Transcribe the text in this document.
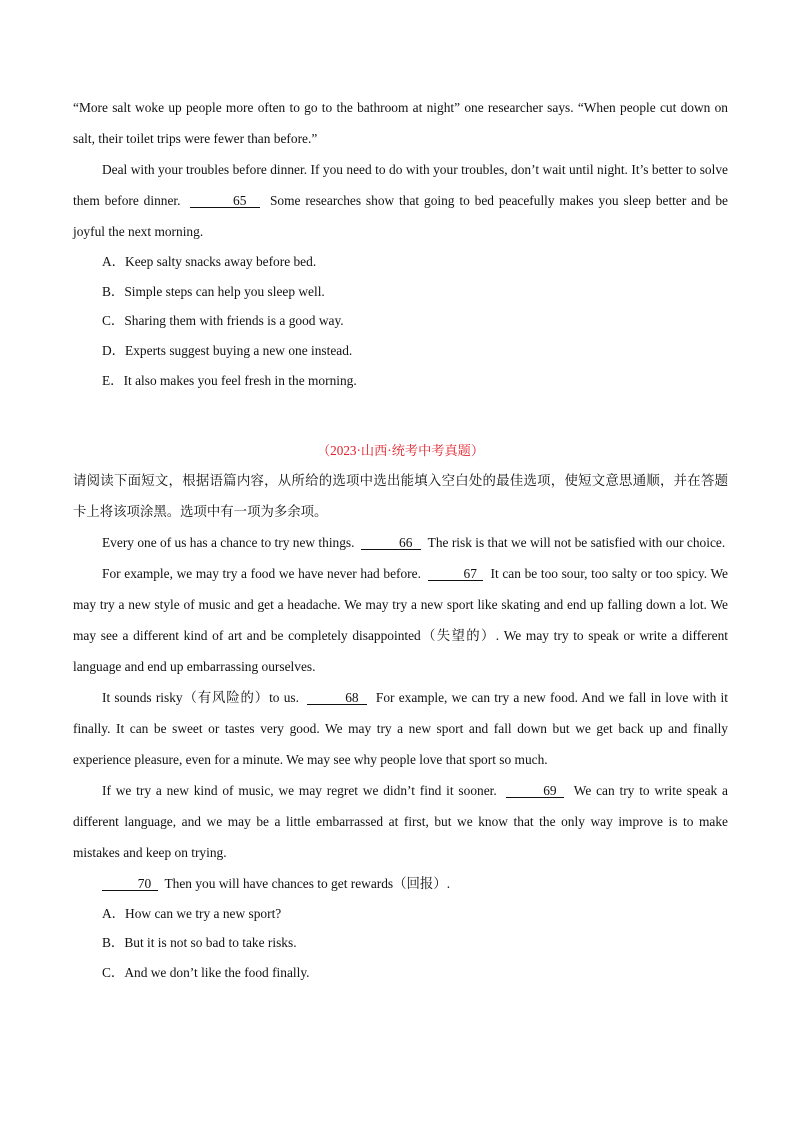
“More salt woke up people more often to go to the bathroom at night” one researcher says. “When people cut down on salt, their toilet trips were fewer than before.”

Deal with your troubles before dinner. If you need to do with your troubles, don’t wait until night. It’s better to solve them before dinner.	65 Some researches show that going to bed peacefully makes you sleep better and be joyful the next morning.

A．Keep salty snacks away before bed.

B．Simple steps can help you sleep well.

C．Sharing them with friends is a good way.

D．Experts suggest buying a new one instead.

E．It also makes you feel fresh in the morning.

（2023·山西·统考中考真题）

请阅读下面短文，根据语篇内容，从所给的选项中选出能填入空白处的最佳选项，使短文意思通顺，并在答题卡上将该项涂黑。选项中有一项为多余项。

Every one of us has a chance to try new things.	66 The risk is that we will not be satisfied with our choice.

For example, we may try a food we have never had before.	67 It can be too sour, too salty or too spicy. We may try a new style of music and get a headache. We may try a new sport like skating and end up falling down a lot. We may see a different kind of art and be completely disappointed（失望的）. We may try to speak or write a different language and end up embarrassing ourselves.

It sounds risky（有风险的）to us.	68 For example, we can try a new food. And we fall in love with it finally. It can be sweet or tastes very good. We may try a new sport and fall down but we get back up and finally experience pleasure, even for a minute. We may see why people love that sport so much.

If we try a new kind of music, we may regret we didn’t find it sooner.	69 We can try to write speak a different language, and we may be a little embarrassed at first, but we know that the only way improve is to make mistakes and keep on trying.

70 Then you will have chances to get rewards（回报）.

A．How can we try a new sport?

B．But it is not so bad to take risks.

C．And we don’t like the food finally.
